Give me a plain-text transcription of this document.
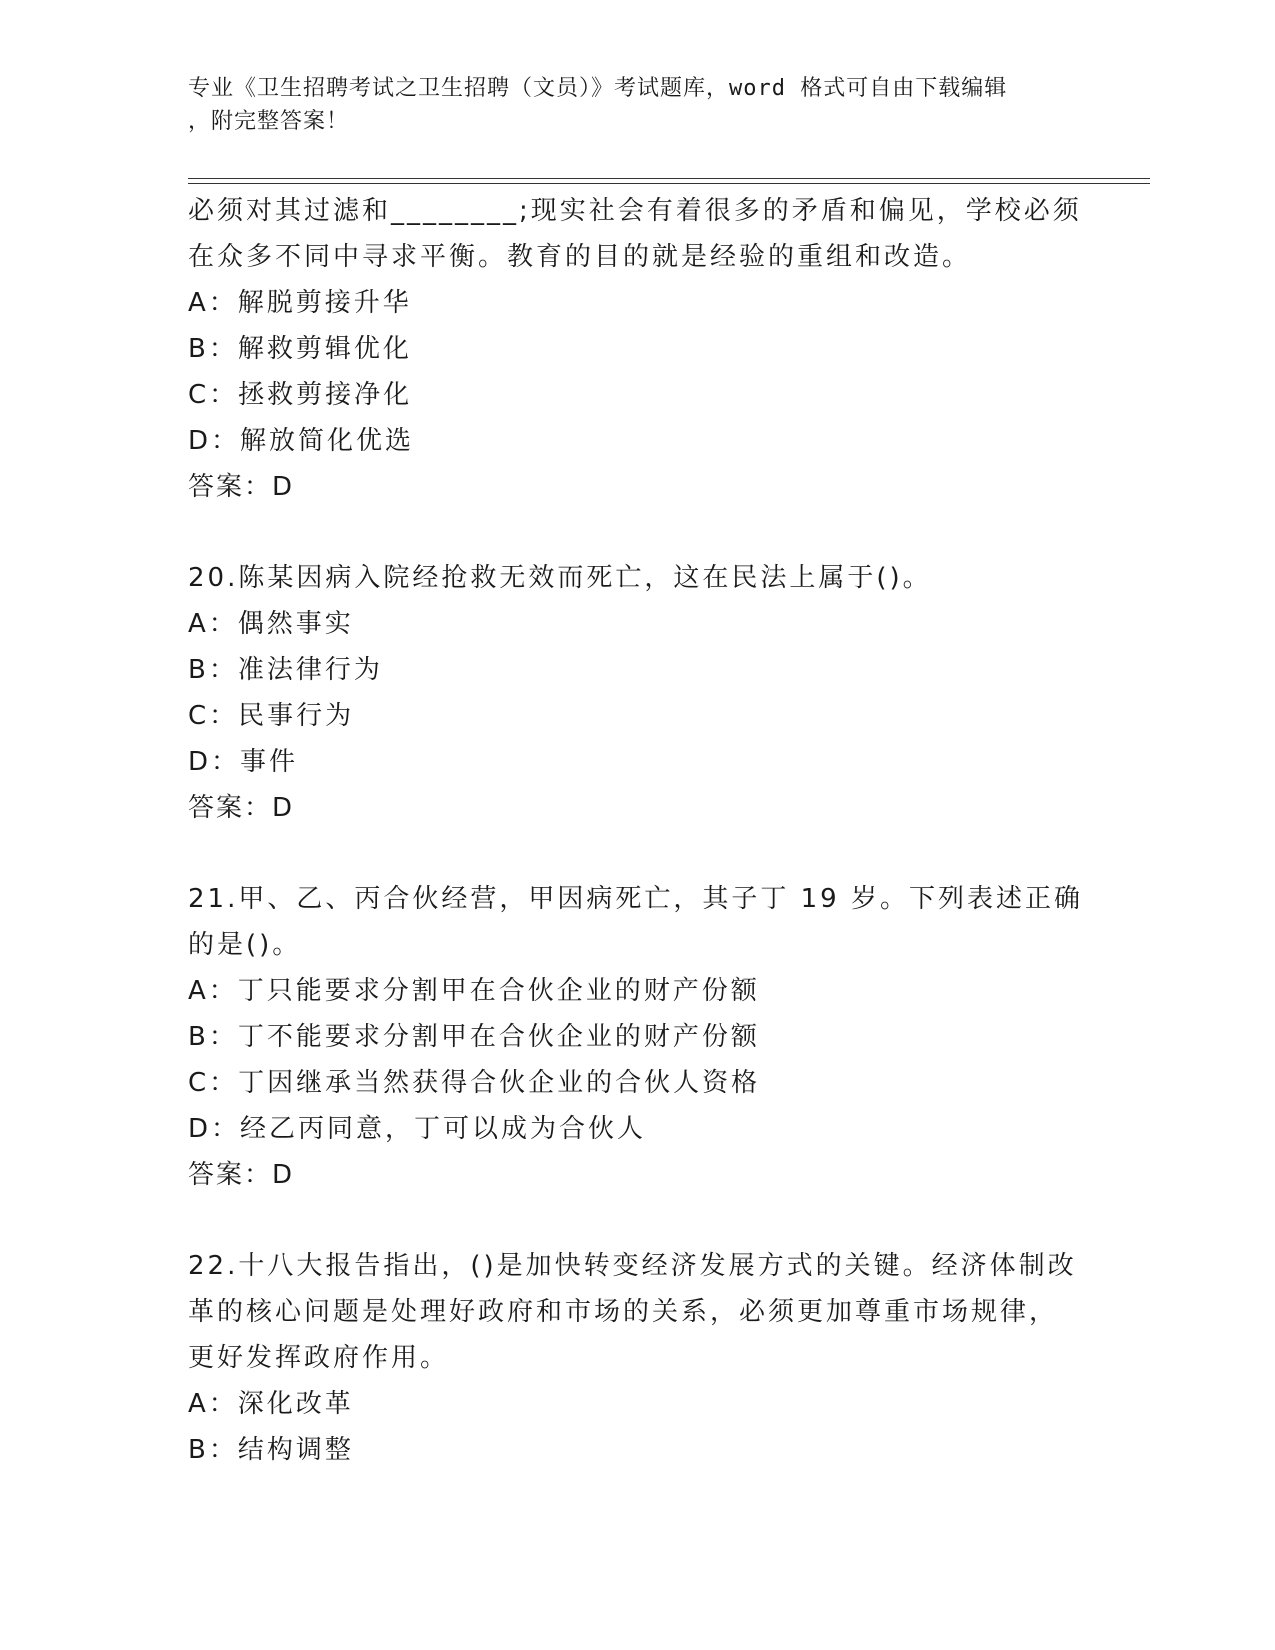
专业《卫生招聘考试之卫生招聘（文员）》考试题库，word 格式可自由下载编辑
，附完整答案！
必须对其过滤和________;现实社会有着很多的矛盾和偏见，学校必须
在众多不同中寻求平衡。教育的目的就是经验的重组和改造。
A：解脱剪接升华
B：解救剪辑优化
C：拯救剪接净化
D：解放简化优选
答案：D
20.陈某因病入院经抢救无效而死亡，这在民法上属于()。
A：偶然事实
B：准法律行为
C：民事行为
D：事件
答案：D
21.甲、乙、丙合伙经营，甲因病死亡，其子丁 19 岁。下列表述正确
的是()。
A：丁只能要求分割甲在合伙企业的财产份额
B：丁不能要求分割甲在合伙企业的财产份额
C：丁因继承当然获得合伙企业的合伙人资格
D：经乙丙同意，丁可以成为合伙人
答案：D
22.十八大报告指出，()是加快转变经济发展方式的关键。经济体制改
革的核心问题是处理好政府和市场的关系，必须更加尊重市场规律，
更好发挥政府作用。
A：深化改革
B：结构调整
